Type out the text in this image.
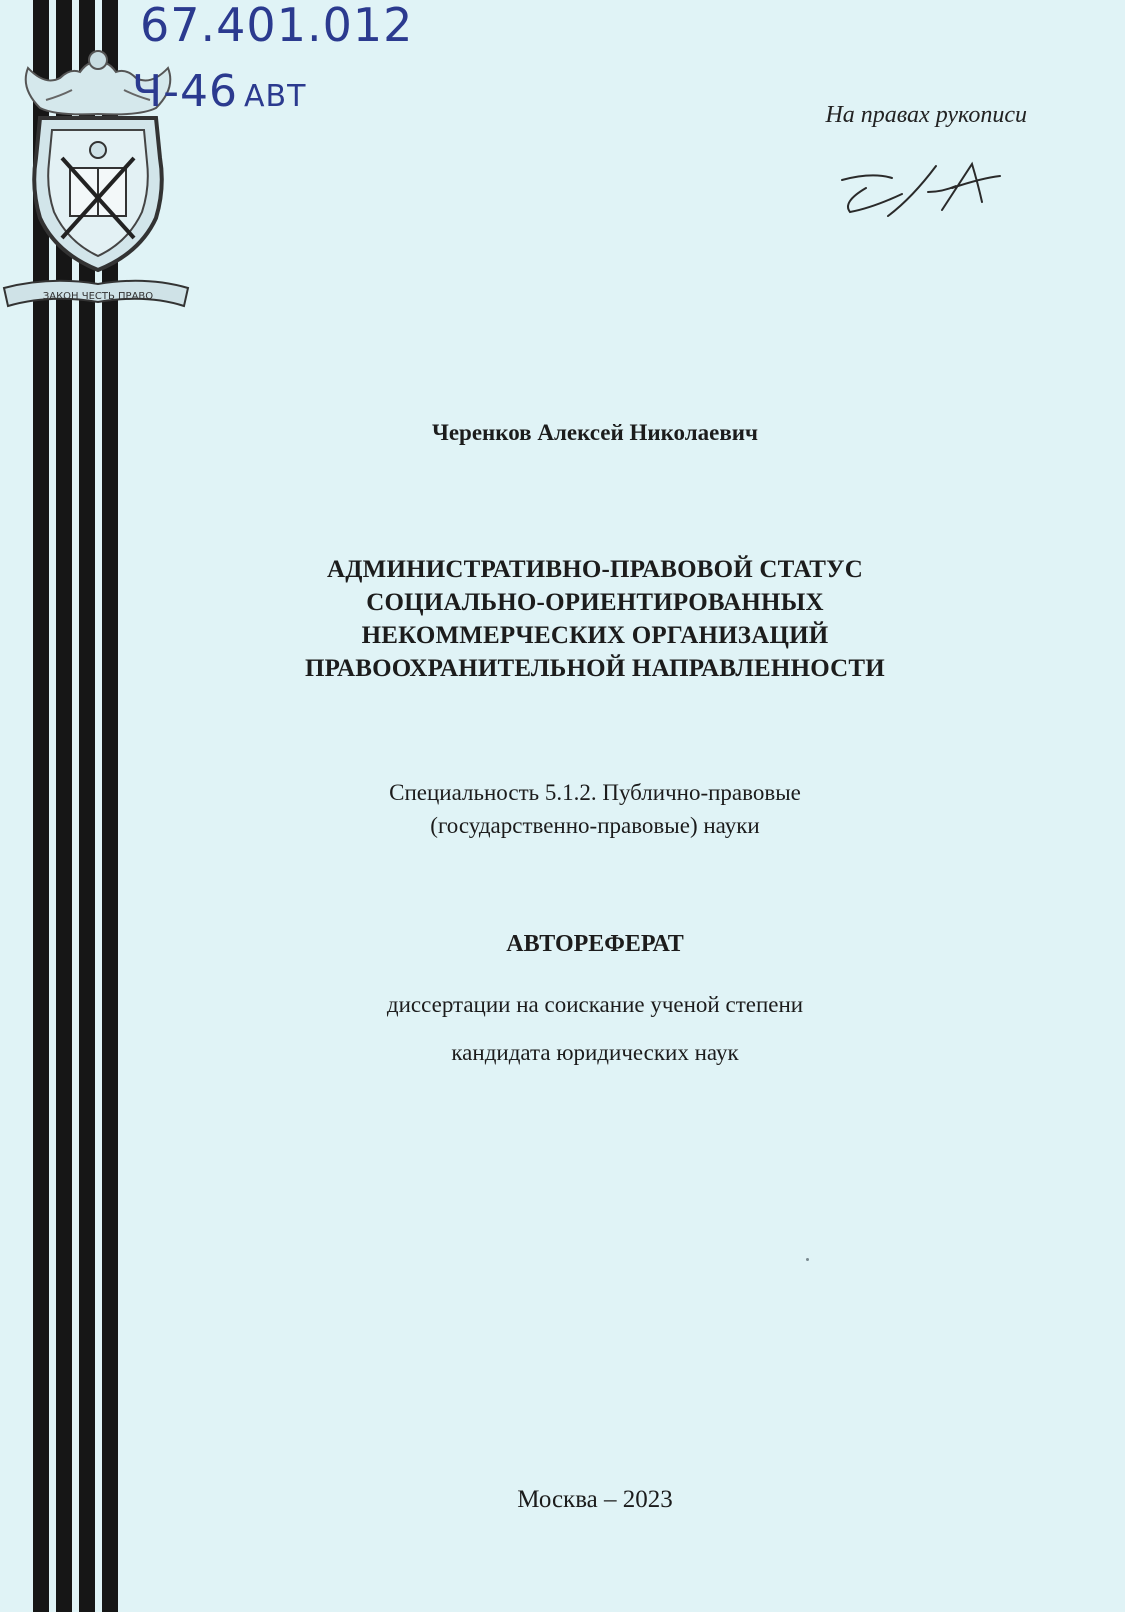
ЗАКОН ЧЕСТЬ ПРАВО
67.401.012
Ч-46 АВТ
На правах рукописи
Черенков Алексей Николаевич
АДМИНИСТРАТИВНО-ПРАВОВОЙ СТАТУС
СОЦИАЛЬНО-ОРИЕНТИРОВАННЫХ
НЕКОММЕРЧЕСКИХ ОРГАНИЗАЦИЙ
ПРАВООХРАНИТЕЛЬНОЙ НАПРАВЛЕННОСТИ
Специальность 5.1.2. Публично-правовые
(государственно-правовые) науки
АВТОРЕФЕРАТ
диссертации на соискание ученой степени
кандидата юридических наук
Москва – 2023
